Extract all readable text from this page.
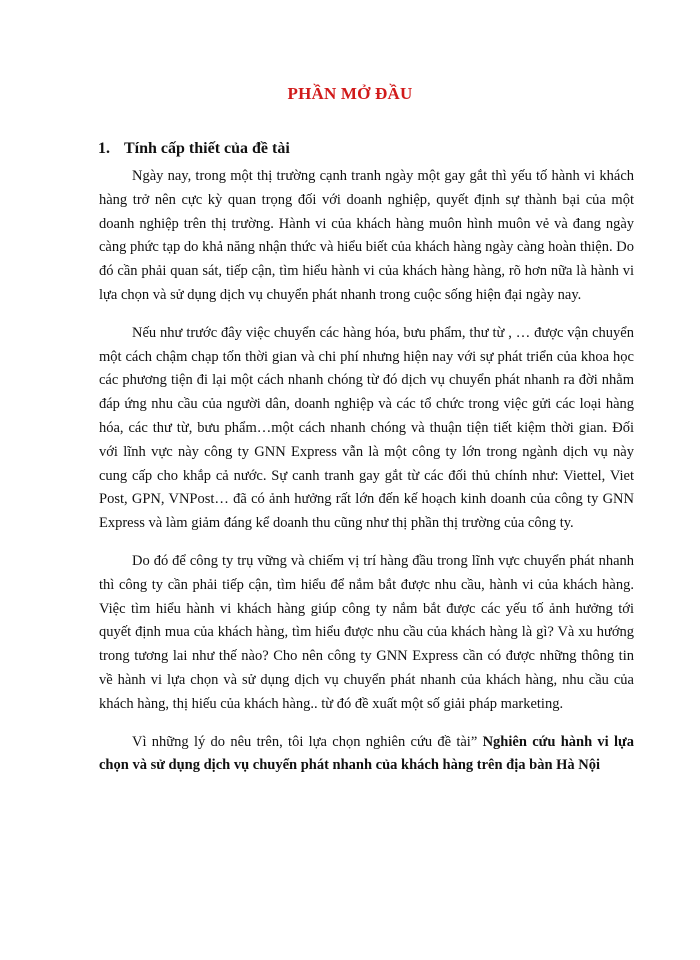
PHẦN MỞ ĐẦU
1. Tính cấp thiết của đề tài

Ngày nay, trong một thị trường cạnh tranh ngày một gay gắt thì yếu tố hành vi khách hàng trở nên cực kỳ quan trọng đối với doanh nghiệp, quyết định sự thành bại của một doanh nghiệp trên thị trường. Hành vi của khách hàng muôn hình muôn vẻ và đang ngày càng phức tạp do khả năng nhận thức và hiểu biết của khách hàng ngày càng hoàn thiện. Do đó cần phải quan sát, tiếp cận, tìm hiểu hành vi của khách hàng hàng, rõ hơn nữa là hành vi lựa chọn và sử dụng dịch vụ chuyển phát nhanh trong cuộc sống hiện đại ngày nay.

Nếu như trước đây việc chuyển các hàng hóa, bưu phẩm, thư từ , … được vận chuyển một cách chậm chạp tốn thời gian và chi phí nhưng hiện nay với sự phát triển của khoa học các phương tiện đi lại một cách nhanh chóng từ đó dịch vụ chuyển phát nhanh ra đời nhằm đáp ứng nhu cầu của người dân, doanh nghiệp và các tổ chức trong việc gửi các loại hàng hóa, các thư từ, bưu phẩm…một cách nhanh chóng và thuận tiện tiết kiệm thời gian. Đối với lĩnh vực này công ty GNN Express vẫn là một công ty lớn trong ngành dịch vụ này cung cấp cho khắp cả nước. Sự canh tranh gay gắt từ các đối thủ chính như: Viettel, Viet Post, GPN, VNPost… đã có ảnh hưởng rất lớn đến kế hoạch kinh doanh của công ty GNN Express và làm giảm đáng kể doanh thu cũng như thị phần thị trường của công ty.

Do đó để công ty trụ vững và chiếm vị trí hàng đầu trong lĩnh vực chuyển phát nhanh thì công ty cần phải tiếp cận, tìm hiểu để nắm bắt được nhu cầu, hành vi của khách hàng. Việc tìm hiểu hành vi khách hàng giúp công ty nắm bắt được các yếu tố ảnh hưởng tới quyết định mua của khách hàng, tìm hiểu được nhu cầu của khách hàng là gì? Và xu hướng trong tương lai như thế nào? Cho nên công ty GNN Express cần có được những thông tin về hành vi lựa chọn và sử dụng dịch vụ chuyển phát nhanh của khách hàng, nhu cầu của khách hàng, thị hiếu của khách hàng.. từ đó đề xuất một số giải pháp marketing.

Vì những lý do nêu trên, tôi lựa chọn nghiên cứu đề tài” Nghiên cứu hành vi lựa chọn và sử dụng dịch vụ chuyển phát nhanh của khách hàng trên địa bàn Hà Nội
